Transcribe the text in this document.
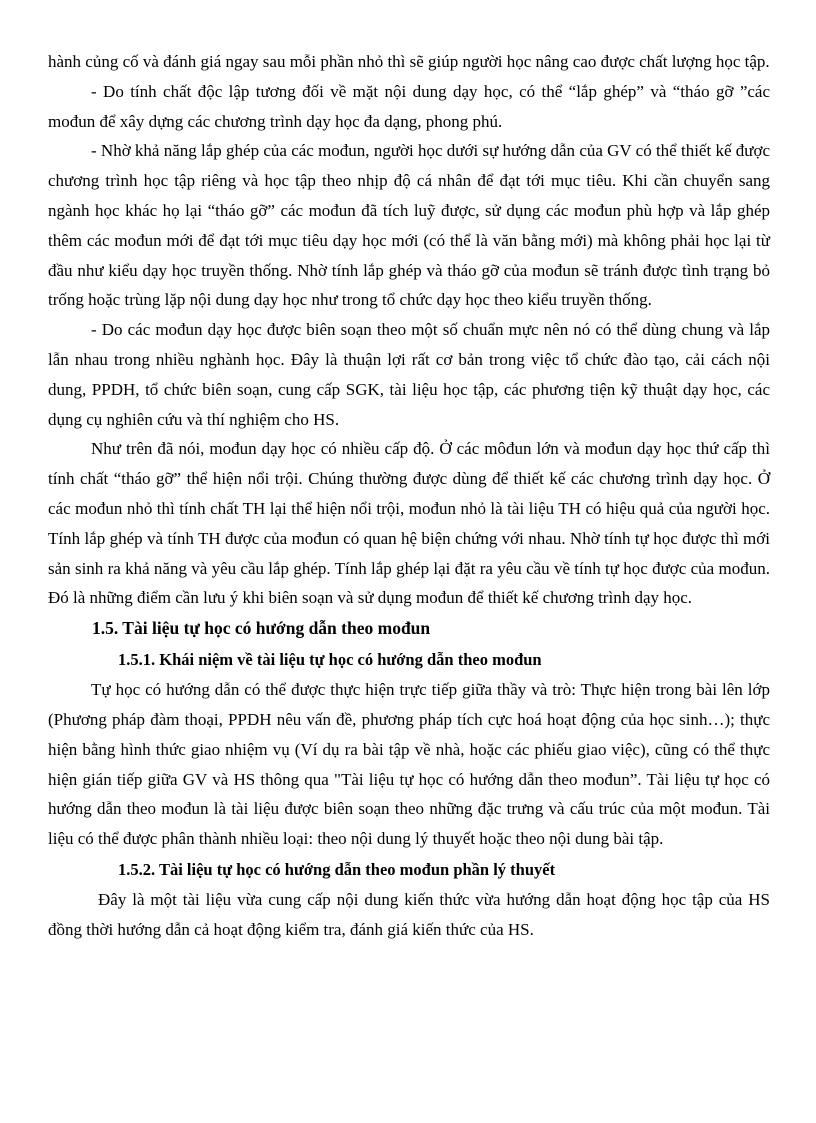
hành củng cố và đánh giá ngay sau mỗi phần nhỏ thì sẽ giúp người học nâng cao được chất lượng học tập.

- Do tính chất độc lập tương đối về mặt nội dung dạy học, có thể “lắp ghép” và “tháo gỡ ”các mođun để xây dựng các chương trình dạy học đa dạng, phong phú.

- Nhờ khả năng lắp ghép của các mođun, người học dưới sự hướng dẫn của GV có thể thiết kế được chương trình học tập riêng và học tập theo nhịp độ cá nhân để đạt tới mục tiêu. Khi cần chuyển sang ngành học khác họ lại “tháo gỡ” các mođun đã tích luỹ được, sử dụng các mođun phù hợp và lắp ghép thêm các mođun mới để đạt tới mục tiêu dạy học mới (có thể là văn bằng mới) mà không phải học lại từ đầu như kiểu dạy học truyền thống. Nhờ tính lắp ghép và tháo gỡ của mođun sẽ tránh được tình trạng bỏ trống hoặc trùng lặp nội dung dạy học như trong tổ chức dạy học theo kiểu truyền thống.

- Do các mođun dạy học được biên soạn theo một số chuẩn mực nên nó có thể dùng chung và lắp lẫn nhau trong nhiều nghành học. Đây là thuận lợi rất cơ bản trong việc tổ chức đào tạo, cải cách nội dung, PPDH, tổ chức biên soạn, cung cấp SGK, tài liệu học tập, các phương tiện kỹ thuật dạy học, các dụng cụ nghiên cứu và thí nghiệm cho HS.

Như trên đã nói, mođun dạy học có nhiều cấp độ. Ở các môđun lớn và mođun dạy học thứ cấp thì tính chất “tháo gỡ” thể hiện nổi trội. Chúng thường được dùng để thiết kế các chương trình dạy học. Ở các mođun nhỏ thì tính chất TH lại thể hiện nổi trội, mođun nhỏ là tài liệu TH có hiệu quả của người học. Tính lắp ghép và tính TH được của mođun có quan hệ biện chứng với nhau. Nhờ tính tự học được thì mới sản sinh ra khả năng và yêu cầu lắp ghép. Tính lắp ghép lại đặt ra yêu cầu về tính tự học được của mođun. Đó là những điểm cần lưu ý khi biên soạn và sử dụng mođun để thiết kế chương trình dạy học.

1.5. Tài liệu tự học có hướng dẫn theo mođun

1.5.1. Khái niệm về tài liệu tự học có hướng dẫn theo mođun

Tự học có hướng dẫn có thể được thực hiện trực tiếp giữa thầy và trò: Thực hiện trong bài lên lớp (Phương pháp đàm thoại, PPDH nêu vấn đề, phương pháp tích cực hoá hoạt động của học sinh…); thực hiện bằng hình thức giao nhiệm vụ (Ví dụ ra bài tập về nhà, hoặc các phiếu giao việc), cũng có thể thực hiện gián tiếp giữa GV và HS thông qua "Tài liệu tự học có hướng dẫn theo mođun”. Tài liệu tự học có hướng dẫn theo mođun là tài liệu được biên soạn theo những đặc trưng và cấu trúc của một mođun. Tài liệu có thể được phân thành nhiều loại: theo nội dung lý thuyết hoặc theo nội dung bài tập.

1.5.2. Tài liệu tự học có hướng dẫn theo mođun phần lý thuyết

Đây là một tài liệu vừa cung cấp nội dung kiến thức vừa hướng dẫn hoạt động học tập của HS đồng thời hướng dẫn cả hoạt động kiểm tra, đánh giá kiến thức của HS.
